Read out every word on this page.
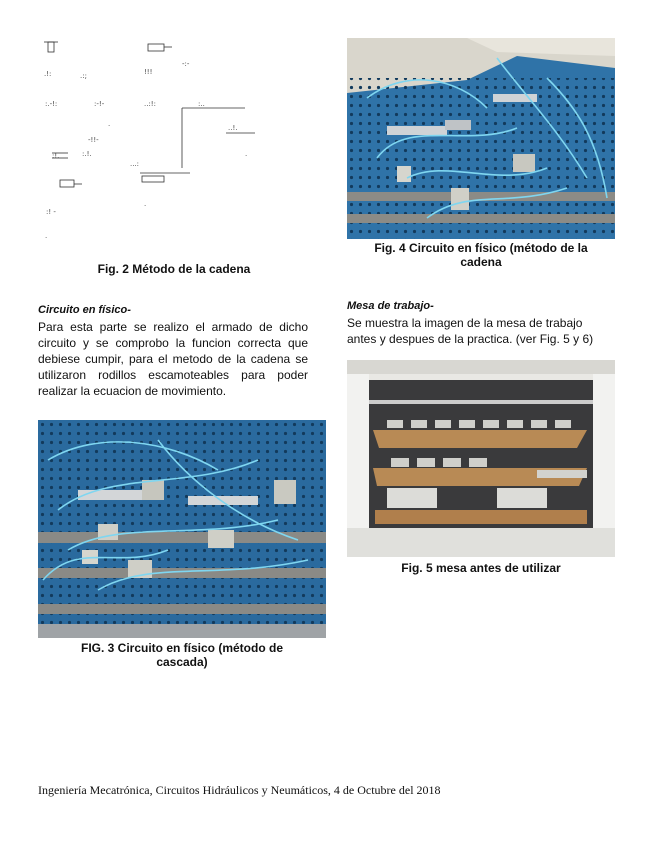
.!:	.:;	!!!
-:-
:.-!:	:-!-	..:!:	:..
-!!-
..!.
:!.	:.!.
...:
.
.
:! -
.
.
Fig. 2 Método de la cadena
Fig. 4 Circuito en físico (método de la cadena
Circuito en físico-
Para esta parte se realizo el armado de dicho circuito y se comprobo la funcion correcta que debiese cumpir, para el metodo de la cadena se utilizaron rodillos escamoteables para poder realizar la ecuacion de movimiento.
Mesa de trabajo-
Se muestra la imagen de la mesa de trabajo antes y despues de la practica. (ver Fig. 5 y 6)
FIG. 3 Circuito en físico (método de cascada)
Fig. 5 mesa antes de utilizar
Ingeniería Mecatrónica, Circuitos Hidráulicos y Neumáticos, 4 de Octubre del 2018
